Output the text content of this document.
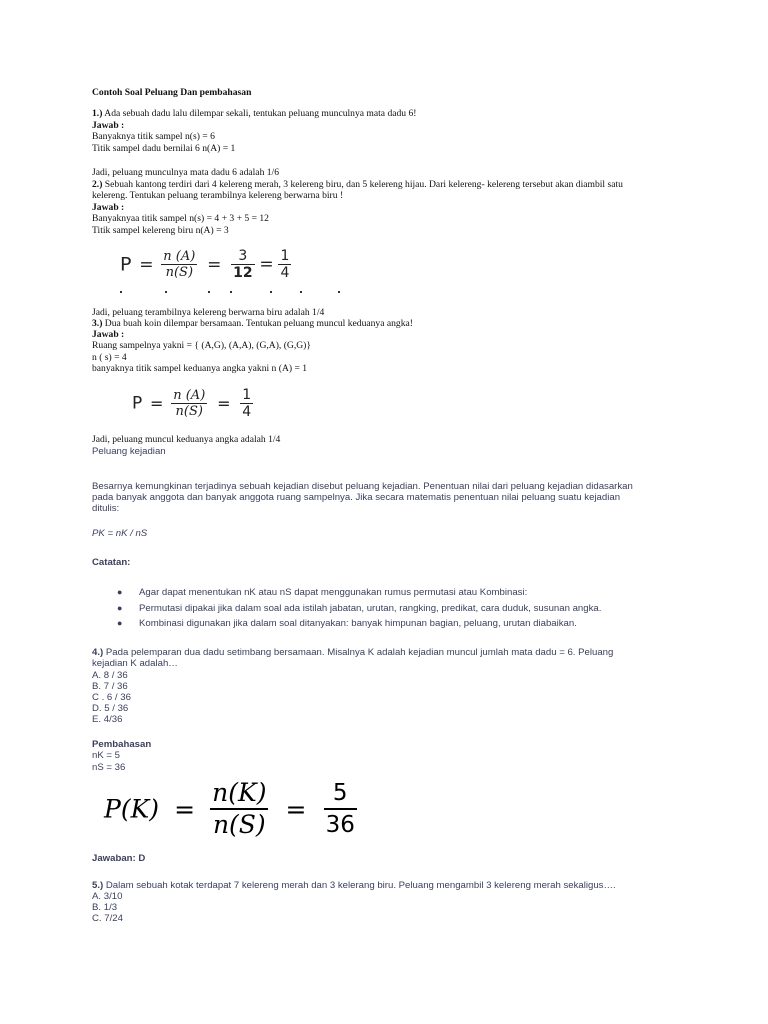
Contoh Soal Peluang Dan pembahasan
1.) Ada sebuah dadu lalu dilempar sekali, tentukan peluang munculnya mata dadu 6!
Jawab :
Banyaknya titik sampel n(s) = 6
Titik sampel dadu bernilai 6 n(A) = 1
Jadi, peluang munculnya mata dadu 6 adalah 1/6
2.) Sebuah kantong terdiri dari 4 kelereng merah, 3 kelereng biru, dan 5 kelereng hijau. Dari kelereng- kelereng tersebut akan diambil satu
kelereng. Tentukan peluang terambilnya kelereng berwarna biru !
Jawab :
Banyaknyaa titik sampel n(s) = 4 + 3 + 5 = 12
Titik sampel kelereng biru n(A) = 3
$P = \frac{n (A)}{n(S)} = \frac{3}{12} = \frac{1}{4}$
Jadi, peluang terambilnya kelereng berwarna biru adalah 1/4
3.) Dua buah koin dilempar bersamaan. Tentukan peluang muncul keduanya angka!
Jawab :
Ruang sampelnya yakni = { (A,G), (A,A), (G,A), (G,G)}
n ( s) = 4
banyaknya titik sampel keduanya angka yakni n (A) = 1
$P = \frac{n (A)}{n(S)} = \frac{1}{4}$
Jadi, peluang muncul keduanya angka adalah 1/4
Peluang kejadian
Besarnya kemungkinan terjadinya sebuah kejadian disebut peluang kejadian. Penentuan nilai dari peluang kejadian didasarkan
pada banyak anggota dan banyak anggota ruang sampelnya. Jika secara matematis penentuan nilai peluang suatu kejadian
ditulis:
PK = nK / nS
Catatan:
● Agar dapat menentukan nK atau nS dapat menggunakan rumus permutasi atau Kombinasi:
● Permutasi dipakai jika dalam soal ada istilah jabatan, urutan, rangking, predikat, cara duduk, susunan angka.
● Kombinasi digunakan jika dalam soal ditanyakan: banyak himpunan bagian, peluang, urutan diabaikan.
4.) Pada pelemparan dua dadu setimbang bersamaan. Misalnya K adalah kejadian muncul jumlah mata dadu = 6. Peluang
kejadian K adalah…
A. 8 / 36
B. 7 / 36
C . 6 / 36
D. 5 / 36
E. 4/36
Pembahasan
nK = 5
nS = 36
$P(K) = \frac{n(K)}{n(S)} = \frac{5}{36}$
Jawaban: D
5.) Dalam sebuah kotak terdapat 7 kelereng merah dan 3 kelerang biru. Peluang mengambil 3 kelereng merah sekaligus….
A. 3/10
B. 1/3
C. 7/24
